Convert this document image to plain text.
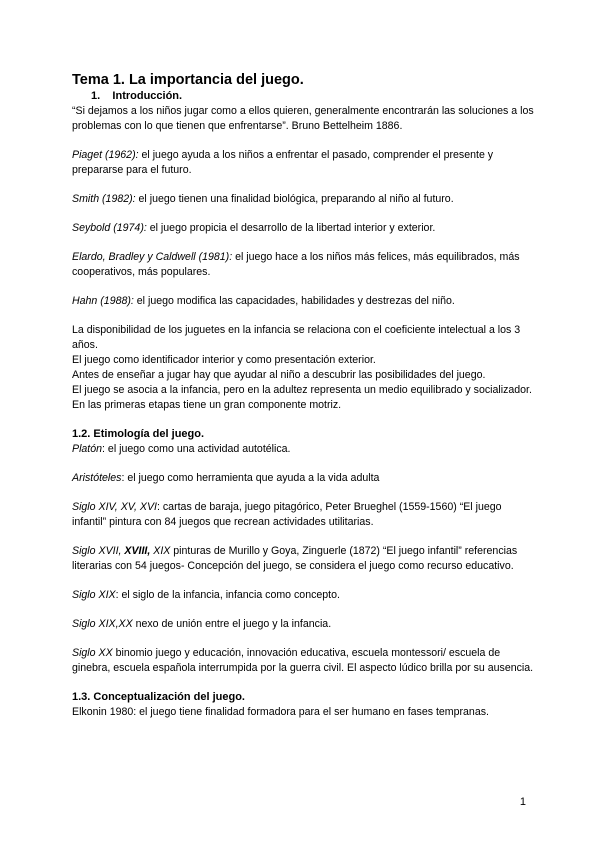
Tema 1. La importancia del juego.
1. Introducción.

“Si dejamos a los niños jugar como a ellos quieren, generalmente encontrarán las soluciones a los problemas con lo que tienen que enfrentarse”. Bruno Bettelheim 1886.

Piaget (1962): el juego ayuda a los niños a enfrentar el pasado, comprender el presente y prepararse para el futuro.

Smith (1982): el juego tienen una finalidad biológica, preparando al niño al futuro.

Seybold (1974): el juego propicia el desarrollo de la libertad interior y exterior.

Elardo, Bradley y Caldwell (1981): el juego hace a los niños más felices, más equilibrados, más cooperativos, más populares.

Hahn (1988): el juego modifica las capacidades, habilidades y destrezas del niño.

La disponibilidad de los juguetes en la infancia se relaciona con el coeficiente intelectual a los 3 años.

El juego como identificador interior y como presentación exterior.

Antes de enseñar a jugar hay que ayudar al niño a descubrir las posibilidades del juego.

El juego se asocia a la infancia, pero en la adultez representa un medio equilibrado y socializador.

En las primeras etapas tiene un gran componente motriz.

1.2. Etimología del juego.

Platón: el juego como una actividad autotélica.

Aristóteles: el juego como herramienta que ayuda a la vida adulta

Siglo XIV, XV, XVI: cartas de baraja, juego pitagórico, Peter Brueghel (1559-1560) “El juego infantil” pintura con 84 juegos que recrean actividades utilitarias.

Siglo XVII, XVIII, XIX pinturas de Murillo y Goya, Zinguerle (1872) “El juego infantil” referencias literarias con 54 juegos- Concepción del juego, se considera el juego como recurso educativo.

Siglo XIX: el siglo de la infancia, infancia como concepto.

Siglo XIX,XX nexo de unión entre el juego y la infancia.

Siglo XX binomio juego y educación, innovación educativa, escuela montessori/ escuela de ginebra, escuela española interrumpida por la guerra civil. El aspecto lúdico brilla por su ausencia.

1.3. Conceptualización del juego.

Elkonin 1980: el juego tiene finalidad formadora para el ser humano en fases tempranas.

1
